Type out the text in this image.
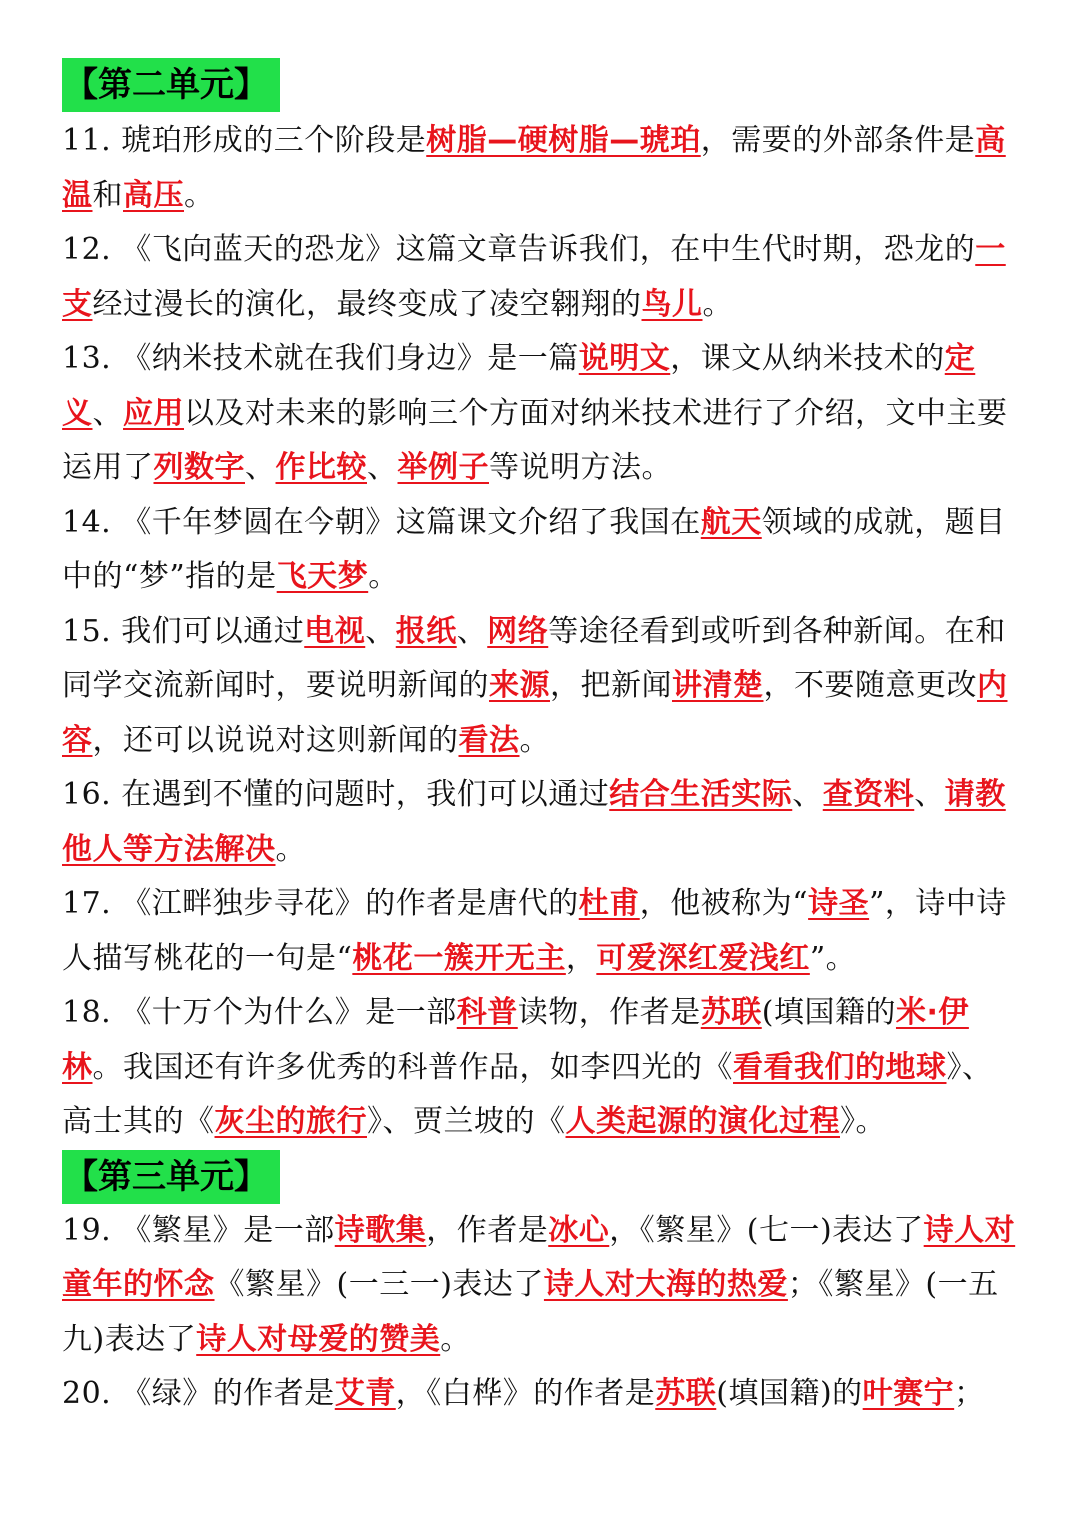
【第二单元】

11. 琥珀形成的三个阶段是树脂—硬树脂—琥珀，需要的外部条件是高温和高压。

12. 《飞向蓝天的恐龙》这篇文章告诉我们，在中生代时期，恐龙的一支经过漫长的演化，最终变成了凌空翱翔的鸟儿。

13. 《纳米技术就在我们身边》是一篇说明文，课文从纳米技术的定义、应用以及对未来的影响三个方面对纳米技术进行了介绍，文中主要运用了列数字、作比较、举例子等说明方法。

14. 《千年梦圆在今朝》这篇课文介绍了我国在航天领域的成就，题目中的“梦”指的是飞天梦。

15. 我们可以通过电视、报纸、网络等途径看到或听到各种新闻。在和同学交流新闻时，要说明新闻的来源，把新闻讲清楚，不要随意更改内容，还可以说说对这则新闻的看法。

16. 在遇到不懂的问题时，我们可以通过结合生活实际、查资料、请教他人等方法解决。

17. 《江畔独步寻花》的作者是唐代的杜甫，他被称为“诗圣”，诗中诗人描写桃花的一句是“桃花一簇开无主，可爱深红爱浅红”。

18. 《十万个为什么》是一部科普读物，作者是苏联(填国籍的米·伊林。我国还有许多优秀的科普作品，如李四光的《看看我们的地球》、高士其的《灰尘的旅行》、贾兰坡的《人类起源的演化过程》。

【第三单元】

19. 《繁星》是一部诗歌集，作者是冰心，《繁星》(七一)表达了诗人对童年的怀念《繁星》(一三一)表达了诗人对大海的热爱；《繁星》(一五九)表达了诗人对母爱的赞美。

20. 《绿》的作者是艾青，《白桦》的作者是苏联(填国籍)的叶赛宁；
